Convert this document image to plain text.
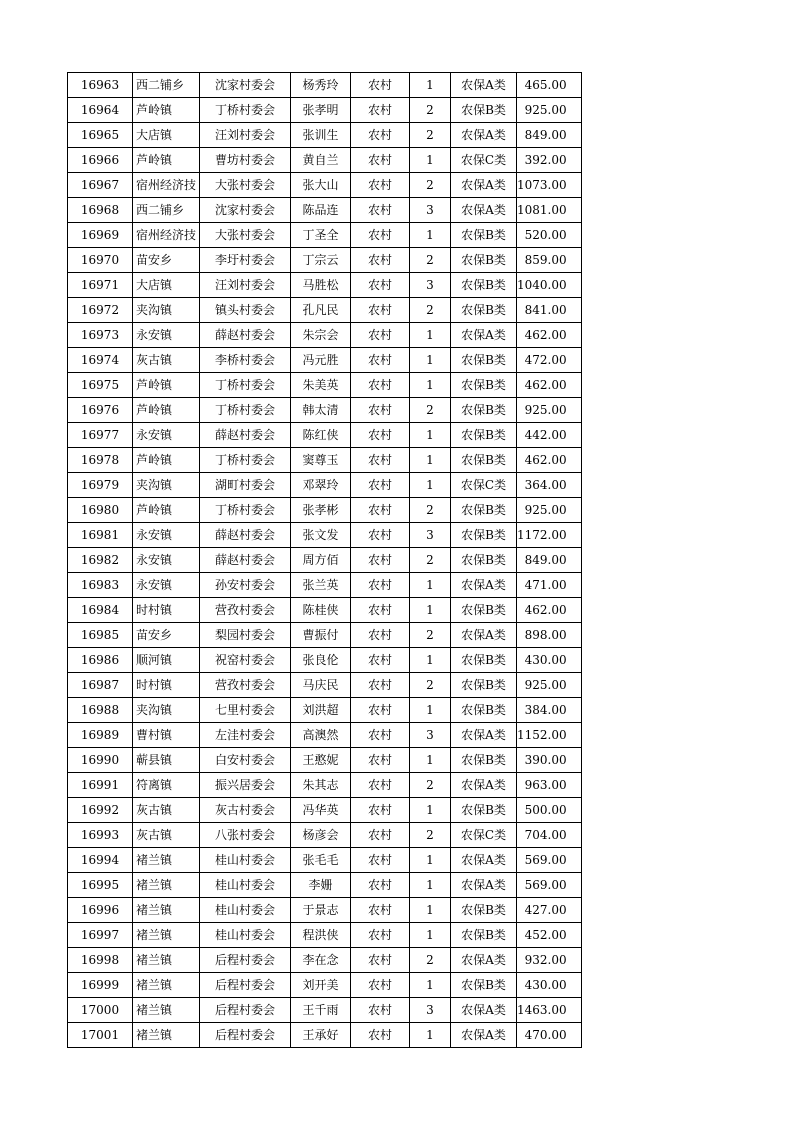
16963	西二铺乡	沈家村委会	杨秀玲	农村	1	农保A类	465.00
16964	芦岭镇	丁桥村委会	张孝明	农村	2	农保B类	925.00
16965	大店镇	汪刘村委会	张训生	农村	2	农保A类	849.00
16966	芦岭镇	曹坊村委会	黄自兰	农村	1	农保C类	392.00
16967	宿州经济技	大张村委会	张大山	农村	2	农保A类	1073.00
16968	西二铺乡	沈家村委会	陈品连	农村	3	农保A类	1081.00
16969	宿州经济技	大张村委会	丁圣全	农村	1	农保B类	520.00
16970	苗安乡	李圩村委会	丁宗云	农村	2	农保B类	859.00
16971	大店镇	汪刘村委会	马胜松	农村	3	农保B类	1040.00
16972	夹沟镇	镇头村委会	孔凡民	农村	2	农保B类	841.00
16973	永安镇	薛赵村委会	朱宗会	农村	1	农保A类	462.00
16974	灰古镇	李桥村委会	冯元胜	农村	1	农保B类	472.00
16975	芦岭镇	丁桥村委会	朱美英	农村	1	农保B类	462.00
16976	芦岭镇	丁桥村委会	韩太清	农村	2	农保B类	925.00
16977	永安镇	薛赵村委会	陈红侠	农村	1	农保B类	442.00
16978	芦岭镇	丁桥村委会	窦尊玉	农村	1	农保B类	462.00
16979	夹沟镇	湖町村委会	邓翠玲	农村	1	农保C类	364.00
16980	芦岭镇	丁桥村委会	张孝彬	农村	2	农保B类	925.00
16981	永安镇	薛赵村委会	张文发	农村	3	农保B类	1172.00
16982	永安镇	薛赵村委会	周方佰	农村	2	农保B类	849.00
16983	永安镇	孙安村委会	张兰英	农村	1	农保A类	471.00
16984	时村镇	营孜村委会	陈桂侠	农村	1	农保B类	462.00
16985	苗安乡	梨园村委会	曹振付	农村	2	农保A类	898.00
16986	顺河镇	祝窑村委会	张良伦	农村	1	农保B类	430.00
16987	时村镇	营孜村委会	马庆民	农村	2	农保B类	925.00
16988	夹沟镇	七里村委会	刘洪超	农村	1	农保B类	384.00
16989	曹村镇	左洼村委会	高澳然	农村	3	农保A类	1152.00
16990	蕲县镇	白安村委会	王憨妮	农村	1	农保B类	390.00
16991	符离镇	振兴居委会	朱其志	农村	2	农保A类	963.00
16992	灰古镇	灰古村委会	冯华英	农村	1	农保B类	500.00
16993	灰古镇	八张村委会	杨彦会	农村	2	农保C类	704.00
16994	褚兰镇	桂山村委会	张毛毛	农村	1	农保A类	569.00
16995	褚兰镇	桂山村委会	李姗	农村	1	农保A类	569.00
16996	褚兰镇	桂山村委会	于景志	农村	1	农保B类	427.00
16997	褚兰镇	桂山村委会	程洪侠	农村	1	农保B类	452.00
16998	褚兰镇	后程村委会	李在念	农村	2	农保A类	932.00
16999	褚兰镇	后程村委会	刘开美	农村	1	农保B类	430.00
17000	褚兰镇	后程村委会	王千雨	农村	3	农保A类	1463.00
17001	褚兰镇	后程村委会	王承好	农村	1	农保A类	470.00
